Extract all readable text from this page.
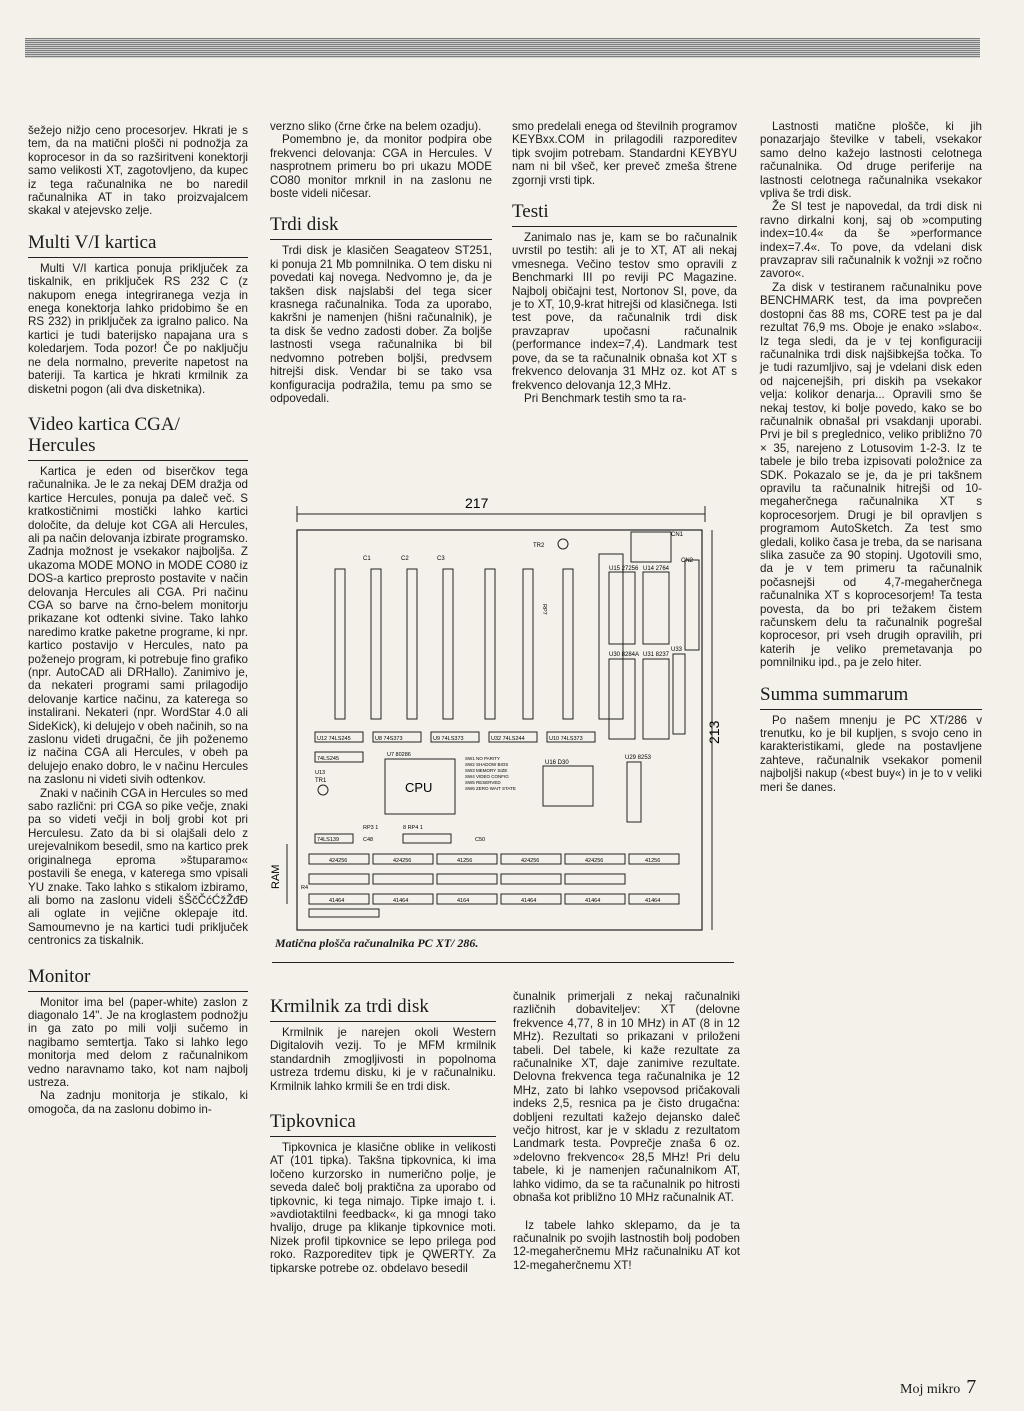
šežejo nižjo ceno procesorjev. Hkrati je s tem, da na matični plošči ni podnožja za koprocesor in da so razširitveni konektorji samo velikosti XT, zagotovljeno, da kupec iz tega računalnika ne bo naredil računalnika AT in tako proizvajalcem skakal v atejevsko zelje.

Multi V/I kartica

Multi V/I kartica ponuja priključek za tiskalnik, en priključek RS 232 C (z nakupom enega integriranega vezja in enega konektorja lahko pridobimo še en RS 232) in priključek za igralno palico. Na kartici je tudi baterijsko napajana ura s koledarjem. Toda pozor! Če po naključju ne dela normalno, preverite napetost na bateriji. Ta kartica je hkrati krmilnik za disketni pogon (ali dva disketnika).

Video kartica CGA/ Hercules

Kartica je eden od biserčkov tega računalnika. Je le za nekaj DEM dražja od kartice Hercules, ponuja pa daleč več. S kratkostičnimi mostički lahko kartici določite, da deluje kot CGA ali Hercules, ali pa način delovanja izbirate programsko. Zadnja možnost je vsekakor najboljša. Z ukazoma MODE MONO in MODE CO80 iz DOS-a kartico preprosto postavite v način delovanja Hercules ali CGA. Pri načinu CGA so barve na črno-belem monitorju prikazane kot odtenki sivine. Tako lahko naredimo kratke paketne programe, ki npr. kartico postavijo v Hercules, nato pa poženejo program, ki potrebuje fino grafiko (npr. AutoCAD ali DRHallo). Zanimivo je, da nekateri programi sami prilagodijo delovanje kartice načinu, za katerega so instalirani. Nekateri (npr. WordStar 4.0 ali SideKick), ki delujejo v obeh načinih, so na zaslonu videti drugačni, če jih poženemo iz načina CGA ali Hercules, v obeh pa delujejo enako dobro, le v načinu Hercules na zaslonu ni videti sivih odtenkov.

Znaki v načinih CGA in Hercules so med sabo različni: pri CGA so pike večje, znaki pa so videti večji in bolj grobi kot pri Herculesu. Zato da bi si olajšali delo z urejevalnikom besedil, smo na kartico prek originalnega eproma »štuparamo« postavili še enega, v katerega smo vpisali YU znake. Tako lahko s stikalom izbiramo, ali bomo na zaslonu videli šŠčČćĆžŽđĐ ali oglate in vejične oklepaje itd. Samoumevno je na kartici tudi priključek centronics za tiskalnik.

Monitor

Monitor ima bel (paper-white) zaslon z diagonalo 14". Je na kroglastem podnožju in ga zato po mili volji sučemo in nagibamo semtertja. Tako si lahko lego monitorja med delom z računalnikom vedno naravnamo tako, kot nam najbolj ustreza.

Na zadnju monitorja je stikalo, ki omogoča, da na zaslonu dobimo in-

verzno sliko (črne črke na belem ozadju).

Pomembno je, da monitor podpira obe frekvenci delovanja: CGA in Hercules. V nasprotnem primeru bo pri ukazu MODE CO80 monitor mrknil in na zaslonu ne boste videli ničesar.

Trdi disk

Trdi disk je klasičen Seagateov ST251, ki ponuja 21 Mb pomnilnika. O tem disku ni povedati kaj novega. Nedvomno je, da je takšen disk najslabši del tega sicer krasnega računalnika. Toda za uporabo, kakršni je namenjen (hišni računalnik), je ta disk še vedno zadosti dober. Za boljše lastnosti vsega računalnika bi bil nedvomno potreben boljši, predvsem hitrejši disk. Vendar bi se tako vsa konfiguracija podražila, temu pa smo se odpovedali.

smo predelali enega od številnih programov KEYBxx.COM in prilagodili razporeditev tipk svojim potrebam. Standardni KEYBYU nam ni bil všeč, ker preveč zmeša štrene zgornji vrsti tipk.

Testi

Zanimalo nas je, kam se bo računalnik uvrstil po testih: ali je to XT, AT ali nekaj vmesnega. Večino testov smo opravili z Benchmarki III po reviji PC Magazine. Najbolj običajni test, Nortonov SI, pove, da je to XT, 10,9-krat hitrejši od klasičnega. Isti test pove, da računalnik trdi disk pravzaprav upočasni računalnik (performance index=7,4). Landmark test pove, da se ta računalnik obnaša kot XT s frekvenco delovanja 31 MHz oz. kot AT s frekvenco delovanja 12,3 MHz.

Pri Benchmark testih smo ta ra-

Lastnosti matične plošče, ki jih ponazarjajo številke v tabeli, vsekakor samo delno kažejo lastnosti celotnega računalnika. Od druge periferije na lastnosti celotnega računalnika vsekakor vpliva še trdi disk.

Že SI test je napovedal, da trdi disk ni ravno dirkalni konj, saj ob »computing index=10.4« da še »performance index=7.4«. To pove, da vdelani disk pravzaprav sili računalnik k vožnji »z ročno zavoro«.

Za disk v testiranem računalniku pove BENCHMARK test, da ima povprečen dostopni čas 88 ms, CORE test pa je dal rezultat 76,9 ms. Oboje je enako »slabo«. Iz tega sledi, da je v tej konfiguraciji računalnika trdi disk najšibkejša točka. To je tudi razumljivo, saj je vdelani disk eden od najcenejših, pri diskih pa vsekakor velja: kolikor denarja... Opravili smo še nekaj testov, ki bolje povedo, kako se bo računalnik obnašal pri vsakdanji uporabi. Prvi je bil s preglednico, veliko približno 70 × 35, narejeno z Lotusovim 1-2-3. Iz te tabele je bilo treba izpisovati položnice za SDK. Pokazalo se je, da je pri takšnem opravilu ta računalnik hitrejši od 10-megaherčnega računalnika XT s koprocesorjem. Drugi je bil opravljen s programom AutoSketch. Za test smo gledali, koliko časa je treba, da se narisana slika zasuče za 90 stopinj. Ugotovili smo, da je v tem primeru ta računalnik počasnejši od 4,7-megaherčnega računalnika XT s koprocesorjem! Ta testa povesta, da bo pri težakem čistem računskem delu ta računalnik pogrešal koprocesor, pri vseh drugih opravilih, pri katerih je veliko premetavanja po pomnilniku ipd., pa je zelo hiter.

Summa summarum

Po našem mnenju je PC XT/286 v trenutku, ko je bil kupljen, s svojo ceno in karakteristikami, glede na postavljene zahteve, računalnik vsekakor pomenil najboljši nakup («best buy«) in je to v veliki meri še danes.

217
213
RAM
C1	C2	C3
CN1
CN2
TR2
U15 27256 U14 2764
U30 8284A U31 8237
U33
U12 74LS245	U8 74S373	U9 74LS373	U32 74LS244	U10 74LS373
74LS245
U13
CPU
U7 80286
SW1 NO PARITY
SW2 SHADOW BIOS
SW3 MEMORY SIZE
SW4 VIDEO CONFIG
SW5 RESERVED
SW6 ZERO WAIT STATE
U16 D30
U29 8253
TR1
RP3 1	8 RP4 1
74LS139	C48	C50
R4
RP7
424256	424256	41256	424256	424256	41256
41464	41464	4164	41464	41464	41464
Matična plošča računalnika PC XT/ 286.
Krmilnik za trdi disk

Krmilnik je narejen okoli Western Digitalovih vezij. To je MFM krmilnik standardnih zmogljivosti in popolnoma ustreza trdemu disku, ki je v računalniku. Krmilnik lahko krmili še en trdi disk.

Tipkovnica

Tipkovnica je klasične oblike in velikosti AT (101 tipka). Takšna tipkovnica, ki ima ločeno kurzorsko in numerično polje, je seveda daleč bolj praktična za uporabo od tipkovnic, ki tega nimajo. Tipke imajo t. i. »avdiotaktilni feedback«, ki ga mnogi tako hvalijo, druge pa klikanje tipkovnice moti. Nizek profil tipkovnice se lepo prilega pod roko. Razporeditev tipk je QWERTY. Za tipkarske potrebe oz. obdelavo besedil

čunalnik primerjali z nekaj računalniki različnih dobaviteljev: XT (delovne frekvence 4,77, 8 in 10 MHz) in AT (8 in 12 MHz). Rezultati so prikazani v priloženi tabeli. Del tabele, ki kaže rezultate za računalnike XT, daje zanimive rezultate. Delovna frekvenca tega računalnika je 12 MHz, zato bi lahko vsepovsod pričakovali indeks 2,5, resnica pa je čisto drugačna: dobljeni rezultati kažejo dejansko daleč večjo hitrost, kar je v skladu z rezultatom Landmark testa. Povprečje znaša 6 oz. »delovno frekvenco« 28,5 MHz! Pri delu tabele, ki je namenjen računalnikom AT, lahko vidimo, da se ta računalnik po hitrosti obnaša kot približno 10 MHz računalnik AT.

Iz tabele lahko sklepamo, da je ta računalnik po svojih lastnostih bolj podoben 12-megaherčnemu MHz računalniku AT kot 12-megaherčnemu XT!

Moj mikro 7
